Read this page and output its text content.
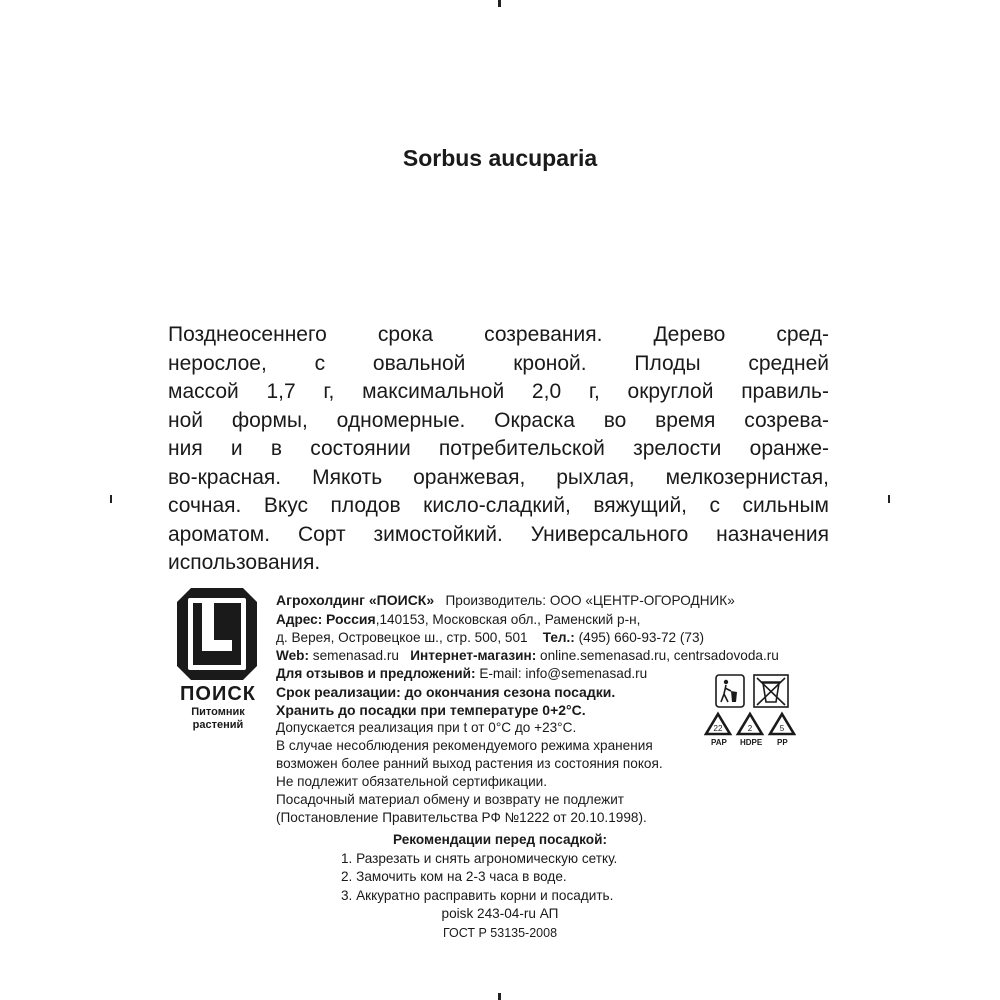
Sorbus aucuparia

Позднеосеннего срока созревания. Дерево сред-
нерослое, с овальной кроной. Плоды средней
массой 1,7 г, максимальной 2,0 г, округлой правиль-
ной формы, одномерные. Окраска во время созрева-
ния и в состоянии потребительской зрелости оранже-
во-красная. Мякоть оранжевая, рыхлая, мелкозернистая,
сочная. Вкус плодов кисло-сладкий, вяжущий, с сильным
ароматом. Сорт зимостойкий. Универсального назначения
использования.

ПОИСК
Питомник
растений
Агрохолдинг «ПОИСК» Производитель: ООО «ЦЕНТР-ОГОРОДНИК»
Адрес: Россия,140153, Московская обл., Раменский р-н,
д. Верея, Островецкое ш., стр. 500, 501 Тел.: (495) 660-93-72 (73)
Web: semenasad.ru Интернет-магазин: online.semenasad.ru, centrsadovoda.ru
Для отзывов и предложений: E-mail: info@semenasad.ru
Срок реализации: до окончания сезона посадки.
Хранить до посадки при температуре 0+2°С.
Допускается реализация при t от 0°С до +23°С.
В случае несоблюдения рекомендуемого режима хранения
возможен более ранний выход растения из состояния покоя.
Не подлежит обязательной сертификации.
Посадочный материал обмену и возврату не подлежит
(Постановление Правительства РФ №1222 от 20.10.1998).
22	2	5
PAP HDPE PP
Рекомендации перед посадкой:
1. Разрезать и снять агрономическую сетку.
2. Замочить ком на 2-3 часа в воде.
3. Аккуратно расправить корни и посадить.
poisk 243-04-ru АП
ГОСТ Р 53135-2008
